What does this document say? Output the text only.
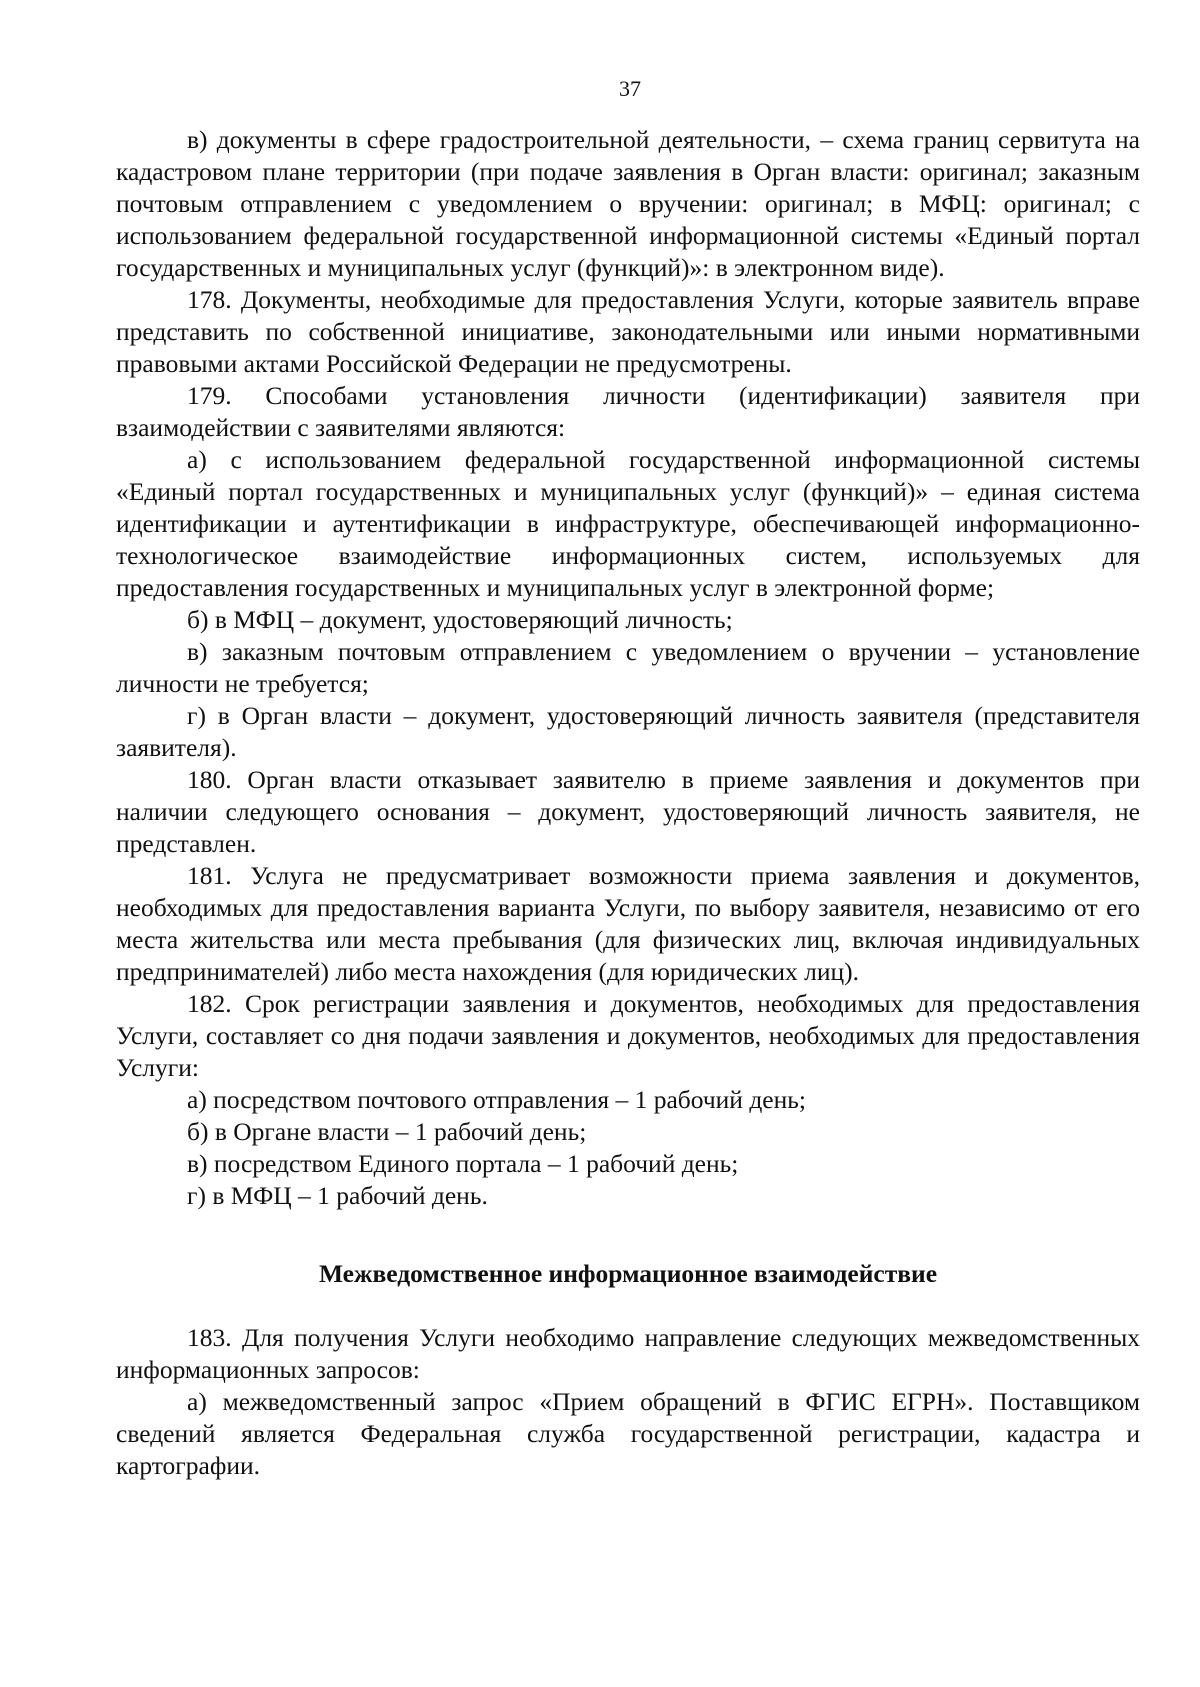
37

в) документы в сфере градостроительной деятельности, – схема границ сервитута на кадастровом плане территории (при подаче заявления в Орган власти: оригинал; заказным почтовым отправлением с уведомлением о вручении: оригинал; в МФЦ: оригинал; с использованием федеральной государственной информационной системы «Единый портал государственных и муниципальных услуг (функций)»: в электронном виде).

178. Документы, необходимые для предоставления Услуги, которые заявитель вправе представить по собственной инициативе, законодательными или иными нормативными правовыми актами Российской Федерации не предусмотрены.

179. Способами установления личности (идентификации) заявителя при взаимодействии с заявителями являются:

а) с использованием федеральной государственной информационной системы «Единый портал государственных и муниципальных услуг (функций)» – единая система идентификации и аутентификации в инфраструктуре, обеспечивающей информационно-технологическое взаимодействие информационных систем, используемых для предоставления государственных и муниципальных услуг в электронной форме;

б) в МФЦ – документ, удостоверяющий личность;

в) заказным почтовым отправлением с уведомлением о вручении – установление личности не требуется;

г) в Орган власти – документ, удостоверяющий личность заявителя (представителя заявителя).

180. Орган власти отказывает заявителю в приеме заявления и документов при наличии следующего основания – документ, удостоверяющий личность заявителя, не представлен.

181. Услуга не предусматривает возможности приема заявления и документов, необходимых для предоставления варианта Услуги, по выбору заявителя, независимо от его места жительства или места пребывания (для физических лиц, включая индивидуальных предпринимателей) либо места нахождения (для юридических лиц).

182. Срок регистрации заявления и документов, необходимых для предоставления Услуги, составляет со дня подачи заявления и документов, необходимых для предоставления Услуги:

а) посредством почтового отправления – 1 рабочий день;

б) в Органе власти – 1 рабочий день;

в) посредством Единого портала – 1 рабочий день;

г) в МФЦ – 1 рабочий день.

Межведомственное информационное взаимодействие

183. Для получения Услуги необходимо направление следующих межведомственных информационных запросов:

а) межведомственный запрос «Прием обращений в ФГИС ЕГРН». Поставщиком сведений является Федеральная служба государственной регистрации, кадастра и картографии.
